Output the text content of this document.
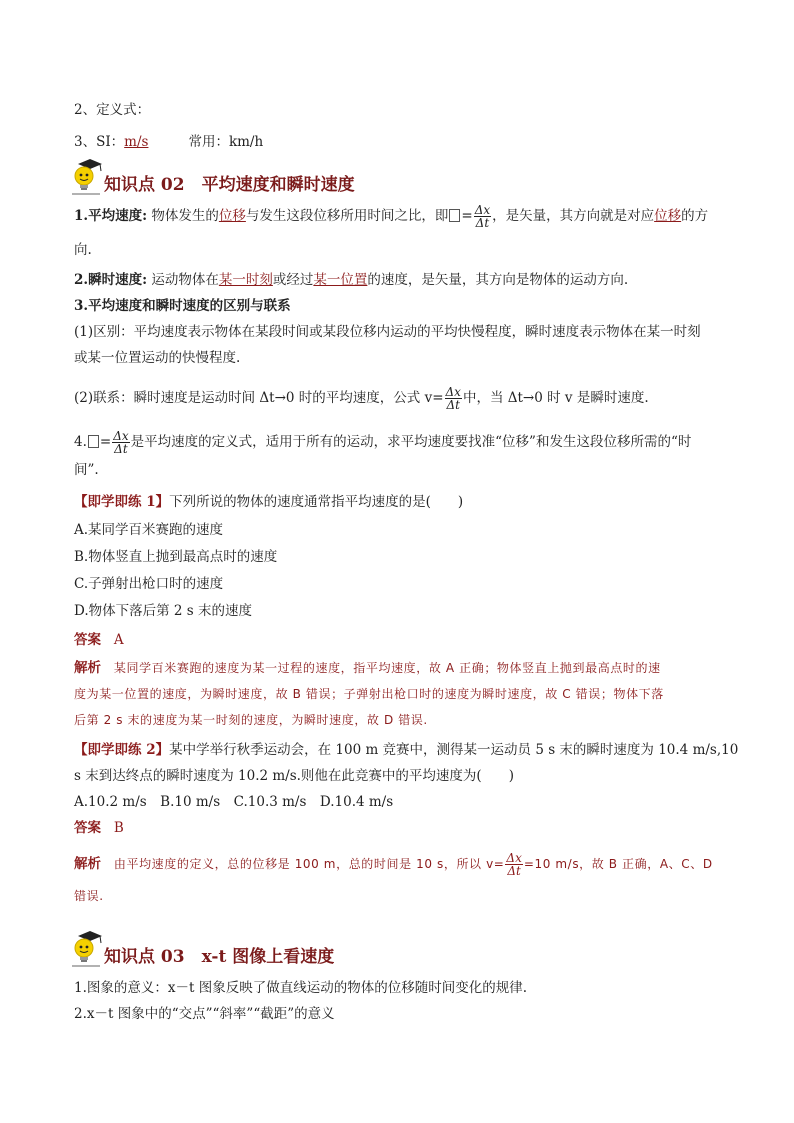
2、定义式：
3、SI：m/s	常用：km/h
知识点 02　平均速度和瞬时速度
1.平均速度: 物体发生的位移与发生这段位移所用时间之比，即 = $\frac{\Delta x}{\Delta t}$ ，是矢量，其方向就是对应位移的方
向.
2.瞬时速度: 运动物体在某一时刻或经过某一位置的速度，是矢量，其方向是物体的运动方向.
3.平均速度和瞬时速度的区别与联系
(1)区别：平均速度表示物体在某段时间或某段位移内运动的平均快慢程度，瞬时速度表示物体在某一时刻
或某一位置运动的快慢程度.
(2)联系：瞬时速度是运动时间 Δt→0 时的平均速度，公式 $v= \frac{\Delta x}{\Delta t}$ 中，当 Δt→0 时 v 是瞬时速度.
4. = $\frac{\Delta x}{\Delta t}$ 是平均速度的定义式，适用于所有的运动，求平均速度要找准“位移”和发生这段位移所需的“时
间”.
【即学即练 1】下列所说的物体的速度通常指平均速度的是(　　)
A.某同学百米赛跑的速度
B.物体竖直上抛到最高点时的速度
C.子弹射出枪口时的速度
D.物体下落后第 2 s 末的速度
答案 A
解析 某同学百米赛跑的速度为某一过程的速度，指平均速度，故 A 正确；物体竖直上抛到最高点时的速
度为某一位置的速度，为瞬时速度，故 B 错误；子弹射出枪口时的速度为瞬时速度，故 C 错误；物体下落
后第 2 s 末的速度为某一时刻的速度，为瞬时速度，故 D 错误.
【即学即练 2】某中学举行秋季运动会，在 100 m 竞赛中，测得某一运动员 5 s 末的瞬时速度为 10.4 m/s,10
s 末到达终点的瞬时速度为 10.2 m/s.则他在此竞赛中的平均速度为(　　)
A.10.2 m/s　B.10 m/s　C.10.3 m/s　D.10.4 m/s
答案 B
解析 由平均速度的定义，总的位移是 100 m，总的时间是 10 s，所以 $v= \frac{\Delta x}{\Delta t} =10$ m/s，故 B 正确，A、C、D
错误.
知识点 03　x-t 图像上看速度
1.图象的意义：x－t 图象反映了做直线运动的物体的位移随时间变化的规律.
2.x－t 图象中的“交点”“斜率”“截距”的意义
